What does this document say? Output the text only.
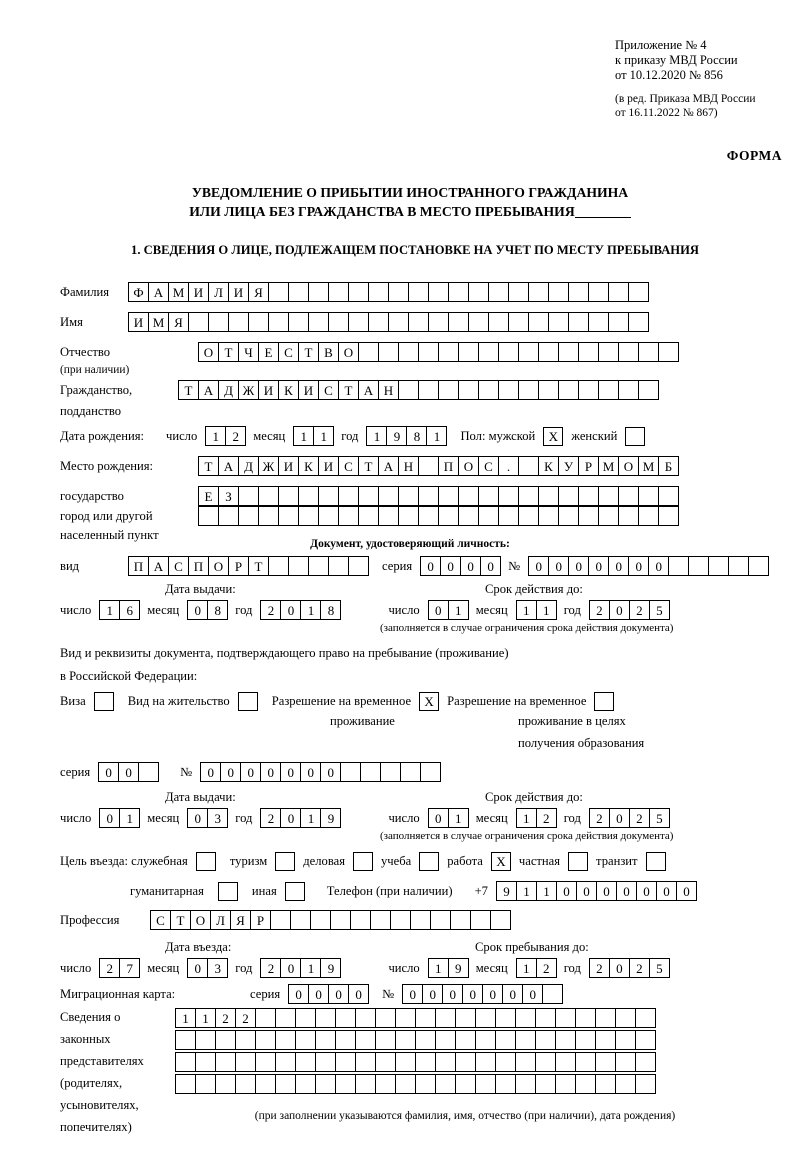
Приложение № 4
к приказу МВД России
от 10.12.2020 № 856
(в ред. Приказа МВД России
от 16.11.2022 № 867)
ФОРМА
УВЕДОМЛЕНИЕ О ПРИБЫТИИ ИНОСТРАННОГО ГРАЖДАНИНА
ИЛИ ЛИЦА БЕЗ ГРАЖДАНСТВА В МЕСТО ПРЕБЫВАНИЯ
1. СВЕДЕНИЯ О ЛИЦЕ, ПОДЛЕЖАЩЕМ ПОСТАНОВКЕ НА УЧЕТ ПО МЕСТУ ПРЕБЫВАНИЯ
Фамилия	Ф А М И Л И Я
Имя	И М Я
Отчество	О Т Ч Е С Т В О
(при наличии)
Гражданство,	Т А Д Ж И К И С Т А Н
подданство
Дата рождения: число	1	2	месяц	1	1	год	1	9	8	1	Пол: мужской	X	женский
Место рождения:	Т А Д Ж И К И С Т А Н	П О С	.	К У Р М О М Б
государство	Е З
город или другой
населенный пункт
Документ, удостоверяющий личность:
вид	П А С П О Р Т	серия	0	0	0	0	№	0	0	0	0	0	0	0
Дата выдачи:	Срок действия до:
число	1	6	месяц	0	8	год	2	0	1	8	число	0	1	месяц	1	1	год	2	0	2	5
(заполняется в случае ограничения срока действия документа)
Вид и реквизиты документа, подтверждающего право на пребывание (проживание)
в Российской Федерации:
Виза	Вид на жительство	Разрешение на временное	X	Разрешение на временное
проживание	проживание в целях
получения образования
серия	0	0	№	0	0	0	0	0	0	0
Дата выдачи:	Срок действия до:
число	0	1	месяц	0	3	год	2	0	1	9	число	0	1	месяц	1	2	год	2	0	2	5
(заполняется в случае ограничения срока действия документа)
Цель въезда: служебная	туризм	деловая	учеба	работа	X	частная	транзит
гуманитарная	иная	Телефон (при наличии) +7	9	1	1	0	0	0	0	0	0	0
Профессия	С Т О Л Я Р
Дата въезда:	Срок пребывания до:
число	2	7	месяц	0	3	год	2	0	1	9	число	1	9	месяц	1	2	год	2	0	2	5
Миграционная карта:	серия	0	0	0	0	№	0	0	0	0	0	0	0
Сведения о
законных
представителях
(родителях,
усыновителях,
попечителях)
1	1	2	2
(при заполнении указываются фамилия, имя, отчество (при наличии), дата рождения)
